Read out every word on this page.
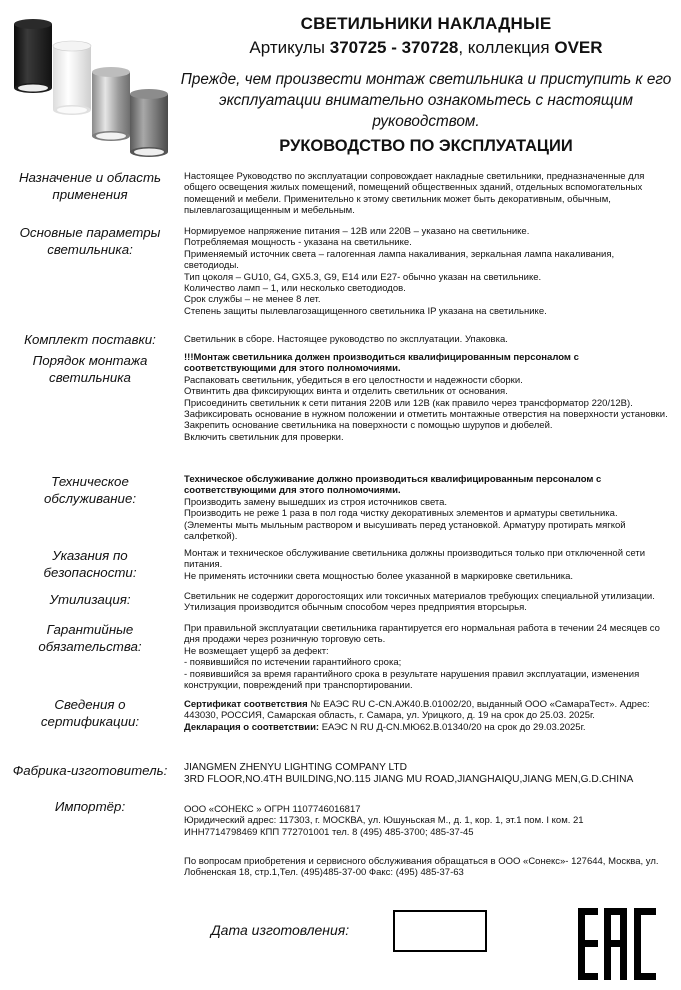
СВЕТИЛЬНИКИ НАКЛАДНЫЕ
Артикулы 370725 - 370728, коллекция OVER
Прежде, чем произвести монтаж светильника и приступить к его эксплуатации внимательно ознакомьтесь с настоящим руководством.
РУКОВОДСТВО ПО ЭКСПЛУАТАЦИИ
Назначение и область применения
Настоящее Руководство по эксплуатации сопровождает накладные светильники, предназначенные для общего освещения жилых помещений, помещений общественных зданий, отдельных вспомогательных помещений и мебели. Применительно к этому светильник может быть декоративным, обычным, пылевлагозащищенным и мебельным.
Основные параметры светильника:
Нормируемое напряжение питания – 12В или 220В – указано на светильнике.
Потребляемая мощность - указана на светильнике.
Применяемый источник света – галогенная лампа накаливания, зеркальная лампа накаливания, светодиоды.
Тип цоколя – GU10, G4, GX5.3, G9, E14 или E27- обычно указан на светильнике.
Количество ламп – 1, или несколько светодиодов.
Срок службы – не менее 8 лет.
Степень защиты пылевлагозащищенного светильника IP указана на светильнике.
Комплект поставки:	Светильник в сборе. Настоящее руководство по эксплуатации. Упаковка.
Порядок монтажа светильника
!!!Монтаж светильника должен производиться квалифицированным персоналом с соответствующими для этого полномочиями.
Распаковать светильник, убедиться в его целостности и надежности сборки.
Отвинтить два фиксирующих винта и отделить светильник от основания.
Присоединить светильник к сети питания 220В или 12В (как правило через трансформатор 220/12В).
Зафиксировать основание в нужном положении и отметить монтажные отверстия на поверхности установки. Закрепить основание светильника на поверхности с помощью шурупов и дюбелей.
Включить светильник для проверки.
Техническое обслуживание:
Техническое обслуживание должно производиться квалифицированным персоналом с соответствующими для этого полномочиями.
Производить замену вышедших из строя источников света.
Производить не реже 1 раза в пол года чистку декоративных элементов и арматуры светильника. (Элементы мыть мыльным раствором и высушивать перед установкой. Арматуру протирать мягкой салфеткой).
Указания по безопасности:
Монтаж и техническое обслуживание светильника должны производиться только при отключенной сети питания.
Не применять источники света мощностью более указанной в маркировке светильника.
Утилизация:	Светильник не содержит дорогостоящих или токсичных материалов требующих специальной утилизации. Утилизация производится обычным способом через предприятия вторсырья.
Гарантийные обязательства:
При правильной эксплуатации светильника гарантируется его нормальная работа в течении 24 месяцев со дня продажи через розничную торговую сеть.
Не возмещает ущерб за дефект:
- появившийся по истечении гарантийного срока;
- появившийся за время гарантийного срока в результате нарушения правил эксплуатации, изменения конструкции, повреждений при транспортировании.
Сведения о сертификации:
Сертификат соответствия № ЕАЭС RU C-CN.АЖ40.В.01002/20, выданный ООО «СамараТест». Адрес: 443030, РОССИЯ, Самарская область, г. Самара, ул. Урицкого, д. 19 на срок до 25.03. 2025г.
Декларация о соответствии: ЕАЭС N RU Д-CN.МЮ62.В.01340/20 на срок до 29.03.2025г.
Фабрика-изготовитель:	JIANGMEN ZHENYU LIGHTING COMPANY LTD
3RD FLOOR,NO.4TH BUILDING,NO.115 JIANG MU ROAD,JIANGHAIQU,JIANG MEN,G.D.CHINA
Импортёр:	ООО «СОНЕКС » ОГРН 1107746016817
Юридический адрес: 117303, г. МОСКВА, ул. Юшуньская М., д. 1, кор. 1, эт.1 пом. I ком. 21
ИНН7714798469 КПП 772701001 тел. 8 (495) 485-3700; 485-37-45
По вопросам приобретения и сервисного обслуживания обращаться в ООО «Сонекс»- 127644, Москва, ул. Лобненская 18, стр.1,Тел. (495)485-37-00 Факс: (495) 485-37-63
Дата изготовления:
